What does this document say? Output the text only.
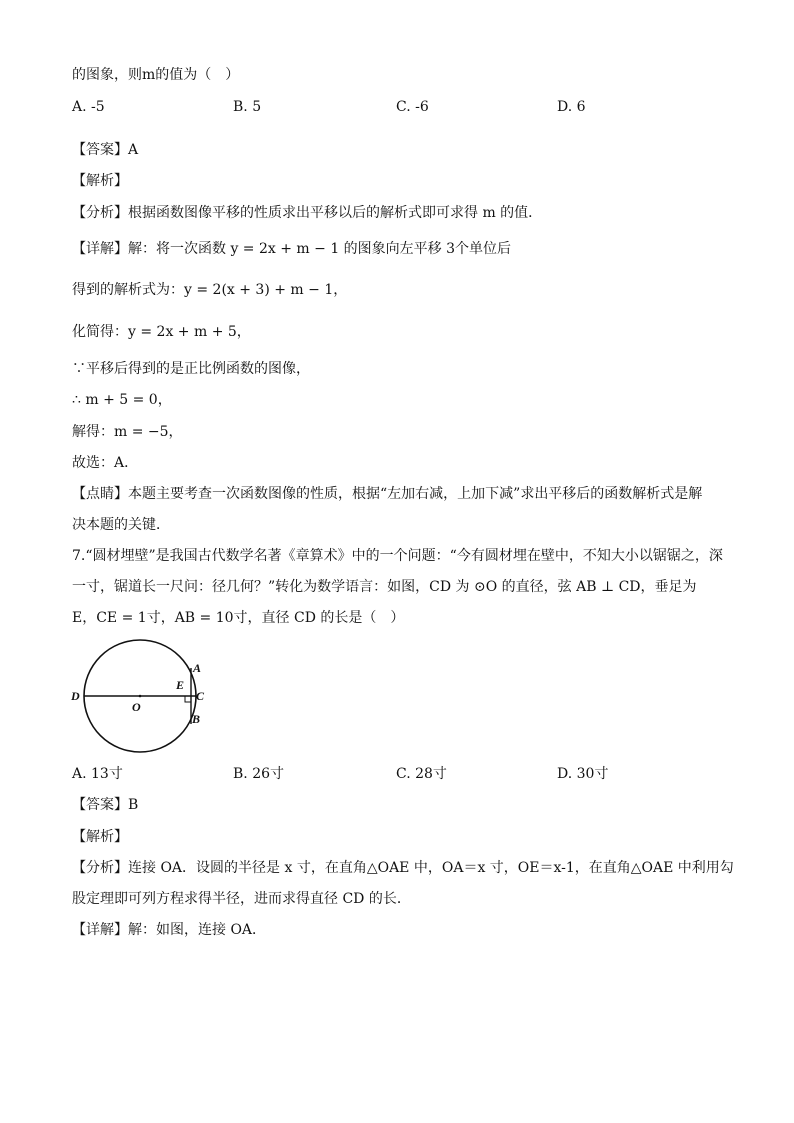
的图象，则m的值为（　）
A. -5	B. 5	C. -6	D. 6
【答案】A
【解析】
【分析】根据函数图像平移的性质求出平移以后的解析式即可求得 m 的值．
【详解】解：将一次函数 y = 2x + m − 1 的图象向左平移 3个单位后
得到的解析式为：y = 2(x + 3) + m − 1，
化简得：y = 2x + m + 5，
∵平移后得到的是正比例函数的图像，
∴ m + 5 = 0，
解得：m = −5，
故选：A．
【点睛】本题主要考查一次函数图像的性质，根据“左加右减，上加下减”求出平移后的函数解析式是解
决本题的关键．
7.“圆材埋壁”是我国古代数学名著《章算术》中的一个问题：“今有圆材埋在壁中，不知大小以锯锯之，深
一寸，锯道长一尺问：径几何？”转化为数学语言：如图，CD 为 ⊙O 的直径，弦 AB ⊥ CD，垂足为
E，CE = 1寸，AB = 10寸，直径 CD 的长是（　）
D
O
E
C
A
B
A. 13寸	B. 26寸	C. 28寸	D. 30寸
【答案】B
【解析】
【分析】连接 OA．设圆的半径是 x 寸，在直角△OAE 中，OA＝x 寸，OE＝x-1，在直角△OAE 中利用勾
股定理即可列方程求得半径，进而求得直径 CD 的长．
【详解】解：如图，连接 OA．
